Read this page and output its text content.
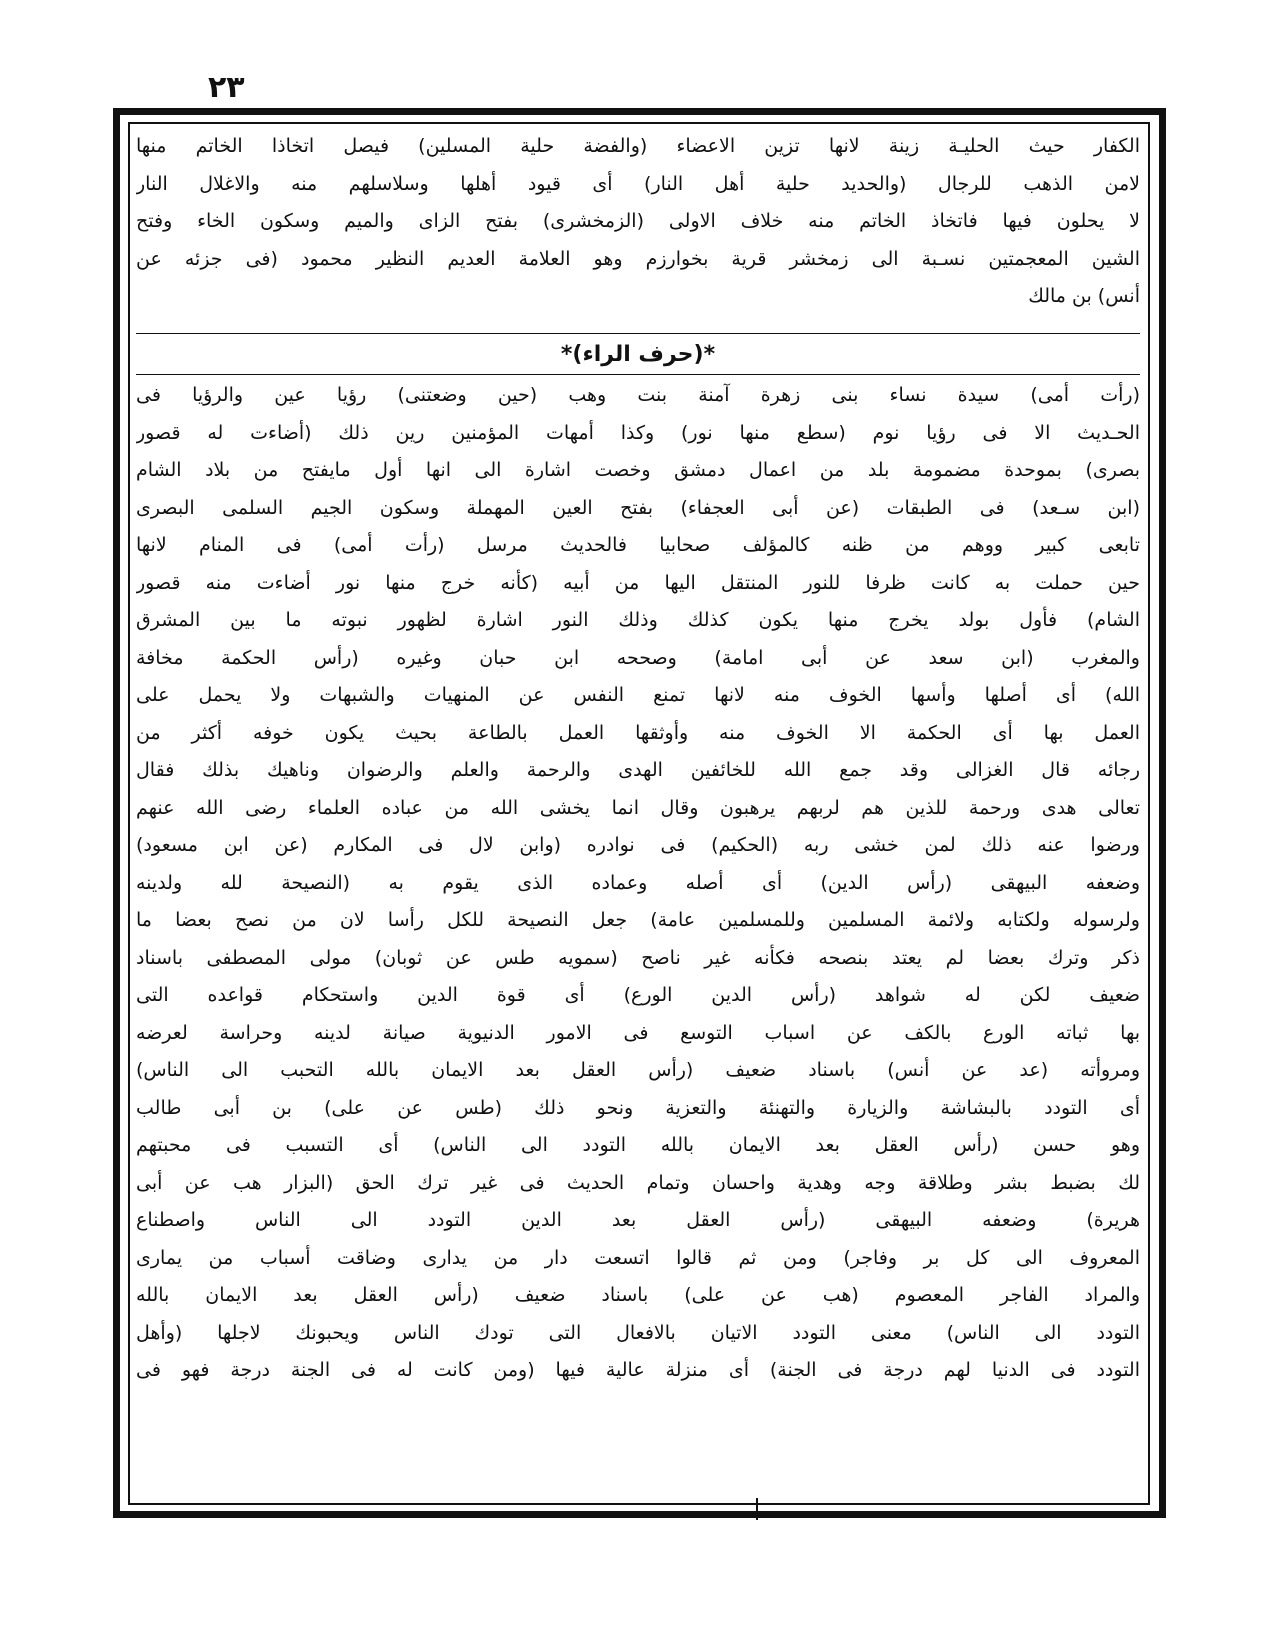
٢٣
الكفار حيث الحليـة زينة لانها تزين الاعضاء (والفضة حلية المسلين) فيصل اتخاذا الخاتم منها
لامن الذهب للرجال (والحديد حلية أهل النار) أى قيود أهلها وسلاسلهم منه والاغلال النار
لا يحلون فيها فاتخاذ الخاتم منه خلاف الاولى (الزمخشرى) بفتح الزاى والميم وسكون الخاء وفتح
الشين المعجمتين نسـبة الى زمخشر قرية بخوارزم وهو العلامة العديم النظير محمود (فى جزئه عن
أنس) بن مالك
*(حرف الراء)*
(رأت أمى) سيدة نساء بنى زهرة آمنة بنت وهب (حين وضعتنى) رؤيا عين والرؤيا فى
الحـديث الا فى رؤيا نوم (سطع منها نور) وكذا أمهات المؤمنين رين ذلك (أضاءت له قصور
بصرى) بموحدة مضمومة بلد من اعمال دمشق وخصت اشارة الى انها أول مايفتح من بلاد الشام
(ابن سـعد) فى الطبقات (عن أبى العجفاء) بفتح العين المهملة وسكون الجيم السلمى البصرى
تابعى كبير ووهم من ظنه كالمؤلف صحابيا فالحديث مرسل (رأت أمى) فى المنام لانها
حين حملت به كانت ظرفا للنور المنتقل اليها من أبيه (كأنه خرج منها نور أضاءت منه قصور
الشام) فأول بولد يخرج منها يكون كذلك وذلك النور اشارة لظهور نبوته ما بين المشرق
والمغرب (ابن سعد عن أبى امامة) وصححه ابن حبان وغيره (رأس الحكمة مخافة
الله) أى أصلها وأسها الخوف منه لانها تمنع النفس عن المنهيات والشبهات ولا يحمل على
العمل بها أى الحكمة الا الخوف منه وأوثقها العمل بالطاعة بحيث يكون خوفه أكثر من
رجائه قال الغزالى وقد جمع الله للخائفين الهدى والرحمة والعلم والرضوان وناهيك بذلك فقال
تعالى هدى ورحمة للذين هم لربهم يرهبون وقال انما يخشى الله من عباده العلماء رضى الله عنهم
ورضوا عنه ذلك لمن خشى ربه (الحكيم) فى نوادره (وابن لال فى المكارم (عن ابن مسعود)
وضعفه البيهقى (رأس الدين) أى أصله وعماده الذى يقوم به (النصيحة لله ولدينه
ولرسوله ولكتابه ولائمة المسلمين وللمسلمين عامة) جعل النصيحة للكل رأسا لان من نصح بعضا ما
ذكر وترك بعضا لم يعتد بنصحه فكأنه غير ناصح (سمويه طس عن ثوبان) مولى المصطفى باسناد
ضعيف لكن له شواهد (رأس الدين الورع) أى قوة الدين واستحكام قواعده التى
بها ثباته الورع بالكف عن اسباب التوسع فى الامور الدنيوية صيانة لدينه وحراسة لعرضه
ومروأته (عد عن أنس) باسناد ضعيف (رأس العقل بعد الايمان بالله التحبب الى الناس)
أى التودد بالبشاشة والزيارة والتهنئة والتعزية ونحو ذلك (طس عن على) بن أبى طالب
وهو حسن (رأس العقل بعد الايمان بالله التودد الى الناس) أى التسبب فى محبتهم
لك بضبط بشر وطلاقة وجه وهدية واحسان وتمام الحديث فى غير ترك الحق (البزار هب عن أبى
هريرة) وضعفه البيهقى (رأس العقل بعد الدين التودد الى الناس واصطناع
المعروف الى كل بر وفاجر) ومن ثم قالوا اتسعت دار من يدارى وضاقت أسباب من يمارى
والمراد الفاجر المعصوم (هب عن على) باسناد ضعيف (رأس العقل بعد الايمان بالله
التودد الى الناس) معنى التودد الاتيان بالافعال التى تودك الناس ويحبونك لاجلها (وأهل
التودد فى الدنيا لهم درجة فى الجنة) أى منزلة عالية فيها (ومن كانت له فى الجنة درجة فهو فى
